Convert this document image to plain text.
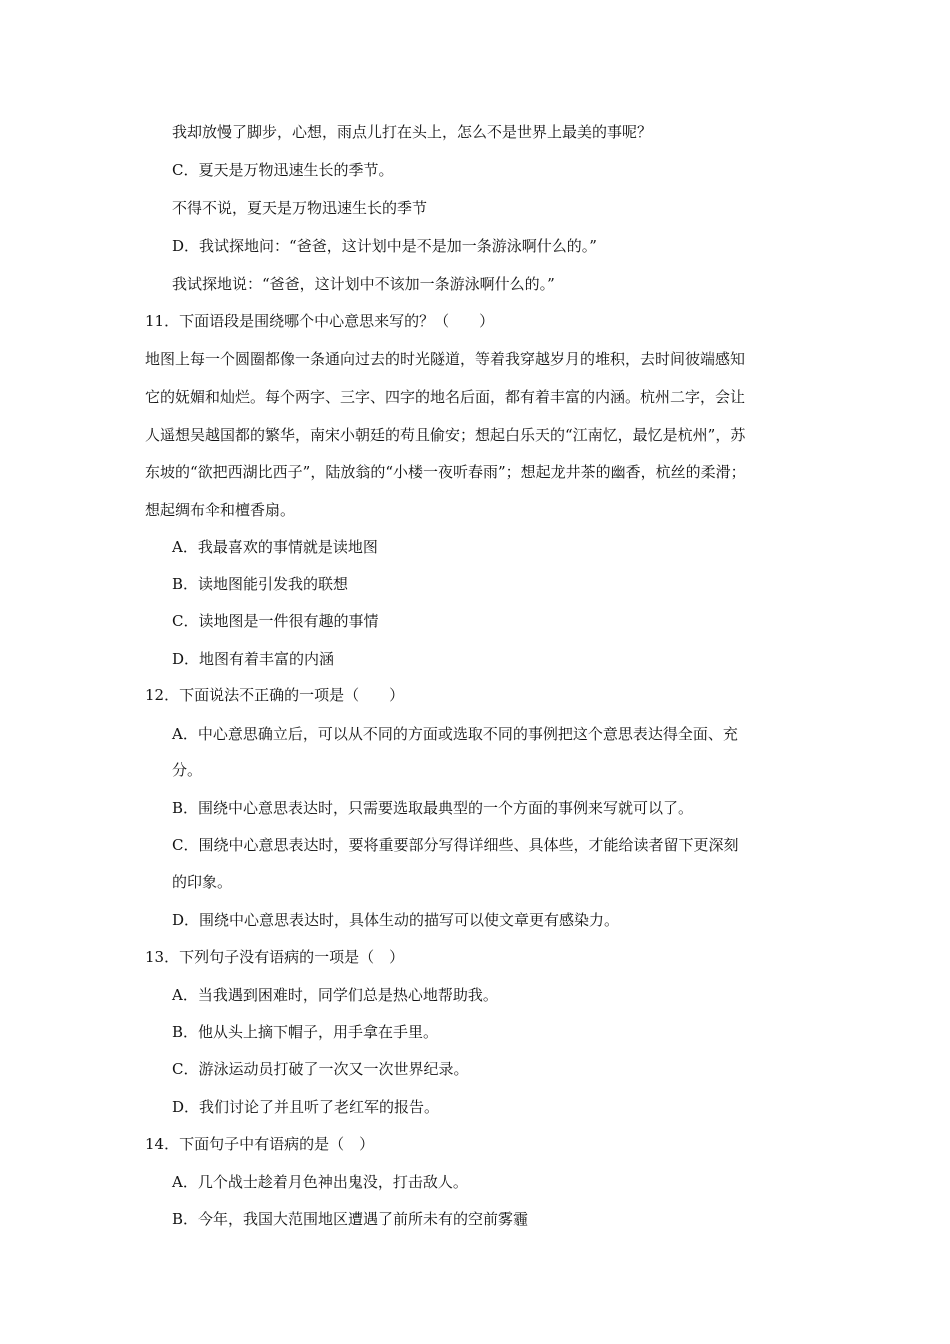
我却放慢了脚步，心想，雨点儿打在头上，怎么不是世界上最美的事呢？

C．夏天是万物迅速生长的季节。

不得不说，夏天是万物迅速生长的季节

D．我试探地问：“爸爸，这计划中是不是加一条游泳啊什么的。”

我试探地说：“爸爸，这计划中不该加一条游泳啊什么的。”

11．下面语段是围绕哪个中心意思来写的？（　　）

地图上每一个圆圈都像一条通向过去的时光隧道，等着我穿越岁月的堆积，去时间彼端感知

它的妩媚和灿烂。每个两字、三字、四字的地名后面，都有着丰富的内涵。杭州二字，会让

人遥想吴越国都的繁华，南宋小朝廷的苟且偷安；想起白乐天的“江南忆，最忆是杭州”，苏

东坡的“欲把西湖比西子”，陆放翁的“小楼一夜听春雨”；想起龙井茶的幽香，杭丝的柔滑；

想起绸布伞和檀香扇。

A．我最喜欢的事情就是读地图

B．读地图能引发我的联想

C．读地图是一件很有趣的事情

D．地图有着丰富的内涵

12．下面说法不正确的一项是（　　）

A．中心意思确立后，可以从不同的方面或选取不同的事例把这个意思表达得全面、充

分。

B．围绕中心意思表达时，只需要选取最典型的一个方面的事例来写就可以了。

C．围绕中心意思表达时，要将重要部分写得详细些、具体些，才能给读者留下更深刻

的印象。

D．围绕中心意思表达时，具体生动的描写可以使文章更有感染力。

13．下列句子没有语病的一项是（　）

A．当我遇到困难时，同学们总是热心地帮助我。

B．他从头上摘下帽子，用手拿在手里。

C．游泳运动员打破了一次又一次世界纪录。

D．我们讨论了并且听了老红军的报告。

14．下面句子中有语病的是（　）

A．几个战士趁着月色神出鬼没，打击敌人。

B．今年，我国大范围地区遭遇了前所未有的空前雾霾
